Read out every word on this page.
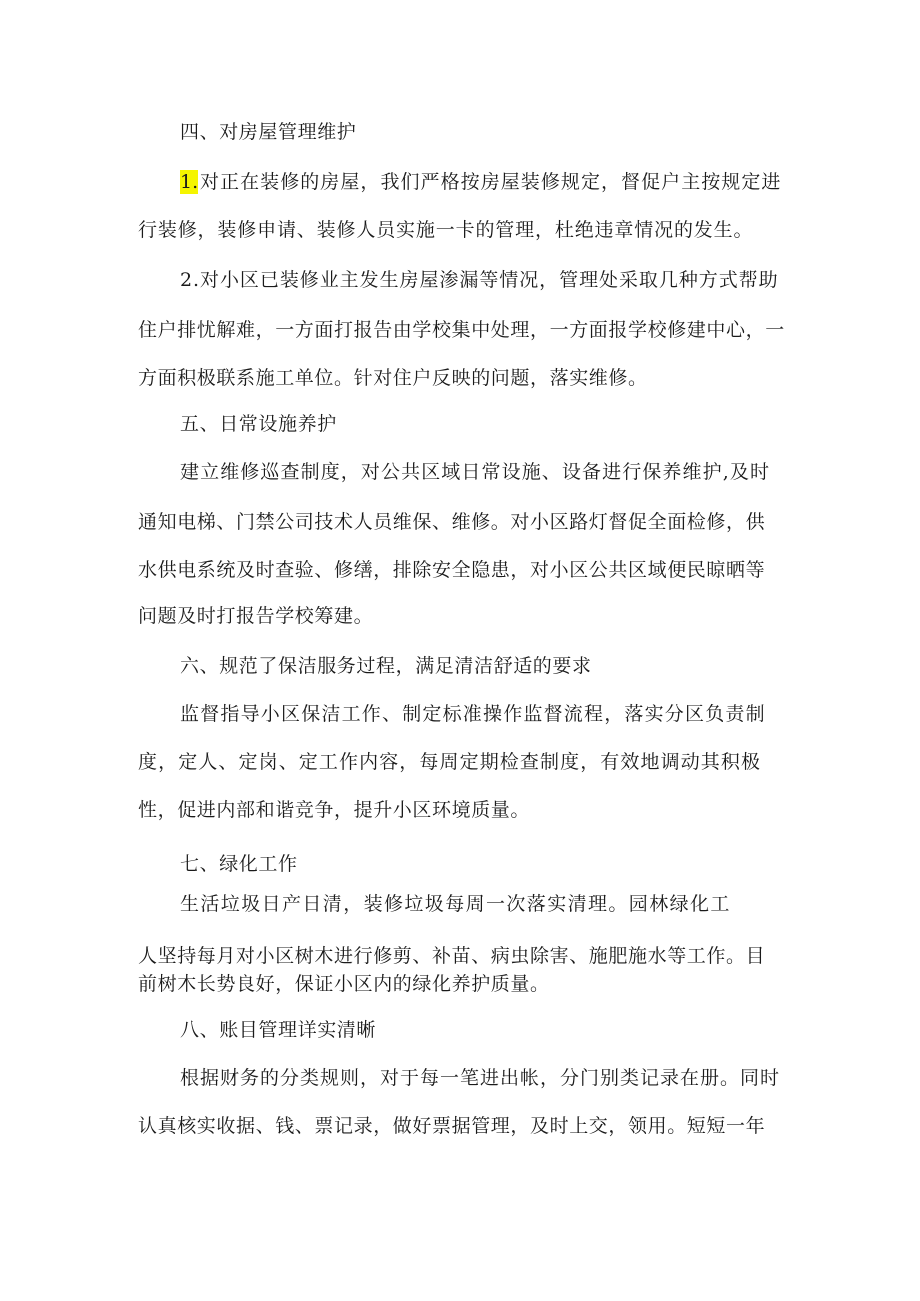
四、对房屋管理维护

1. 对正在装修的房屋，我们严格按房屋装修规定，督促户主按规定进

行装修，装修申请、装修人员实施一卡的管理，杜绝违章情况的发生。

2.对小区已装修业主发生房屋渗漏等情况，管理处采取几种方式帮助

住户排忧解难，一方面打报告由学校集中处理，一方面报学校修建中心，一

方面积极联系施工单位。针对住户反映的问题，落实维修。

五、日常设施养护

建立维修巡查制度，对公共区域日常设施、设备进行保养维护,及时

通知电梯、门禁公司技术人员维保、维修。对小区路灯督促全面检修，供

水供电系统及时查验、修缮，排除安全隐患，对小区公共区域便民晾晒等

问题及时打报告学校筹建。

六、规范了保洁服务过程，满足清洁舒适的要求

监督指导小区保洁工作、制定标准操作监督流程，落实分区负责制

度，定人、定岗、定工作内容，每周定期检查制度，有效地调动其积极

性，促进内部和谐竞争，提升小区环境质量。

七、绿化工作

生活垃圾日产日清，装修垃圾每周一次落实清理。园林绿化工

人坚持每月对小区树木进行修剪、补苗、病虫除害、施肥施水等工作。目

前树木长势良好，保证小区内的绿化养护质量。

八、账目管理详实清晰

根据财务的分类规则，对于每一笔进出帐，分门别类记录在册。同时

认真核实收据、钱、票记录，做好票据管理，及时上交，领用。短短一年
